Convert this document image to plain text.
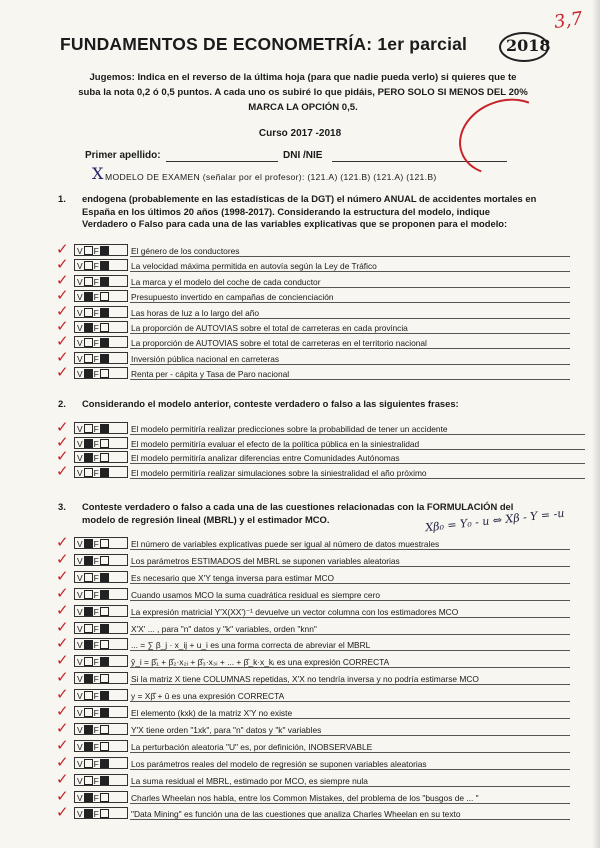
FUNDAMENTOS DE ECONOMETRÍA: 1er parcial	2018
3,7
Jugemos: Indica en el reverso de la última hoja (para que nadie pueda verlo) si quieres que te suba la nota 0,2 ó 0,5 puntos. A cada uno os subiré lo que pidáis, PERO SOLO SI MENOS DEL 20% MARCA LA OPCIÓN 0,5.
Curso 2017 -2018
Primer apellido:	DNI /NIE
X MODELO DE EXAMEN (señalar por el profesor): (121.A) (121.B) (121.A) (121.B)
1. endogena (probablemente en las estadísticas de la DGT) el número ANUAL de accidentes mortales en España en los últimos 20 años (1998-2017). Considerando la estructura del modelo, indique Verdadero o Falso para cada una de las variables explicativas que se proponen para el modelo:
✓ V F	El género de los conductores
✓ V F	La velocidad máxima permitida en autovía según la Ley de Tráfico
✓ V F	La marca y el modelo del coche de cada conductor
✓ V F	Presupuesto invertido en campañas de concienciación
✓ V F	Las horas de luz a lo largo del año
✓ V F	La proporción de AUTOVIAS sobre el total de carreteras en cada provincia
✓ V F	La proporción de AUTOVIAS sobre el total de carreteras en el territorio nacional
✓ V F	Inversión pública nacional en carreteras
✓ V F	Renta per - cápita y Tasa de Paro nacional
2. Considerando el modelo anterior, conteste verdadero o falso a las siguientes frases:
✓ V F	El modelo permitiría realizar predicciones sobre la probabilidad de tener un accidente
✓ V F	El modelo permitiría evaluar el efecto de la política pública en la siniestralidad
✓ V F	El modelo permitiría analizar diferencias entre Comunidades Autónomas
✓ V F	El modelo permitiría realizar simulaciones sobre la siniestralidad el año próximo
3. Conteste verdadero o falso a cada una de las cuestiones relacionadas con la FORMULACIÓN del modelo de regresión lineal (MBRL) y el estimador MCO.	Xβ₀ = Y₀ - u ⇔ Xβ - Y = -u
✓ V F	El número de variables explicativas puede ser igual al número de datos muestrales
✓ V F	Los parámetros ESTIMADOS del MBRL se suponen variables aleatorias
✓ V F	Es necesario que X'Y tenga inversa para estimar MCO
✓ V F	Cuando usamos MCO la suma cuadrática residual es siempre cero
✓ V F	La expresión matricial Y'X(XX')⁻¹ devuelve un vector columna con los estimadores MCO
✓ V F	X'X' ... , para "n" datos y "k" variables, orden "knn"
✓ V F	... = ∑ β_j · x_ij + u_i es una forma correcta de abreviar el MBRL
✓ V F	ŷ_i = β̂₁ + β̂₂·x₂ᵢ + β̂₃·x₃ᵢ + ... + β̂_k·x_kᵢ es una expresión CORRECTA
✓ V F	Si la matriz X tiene COLUMNAS repetidas, X'X no tendría inversa y no podría estimarse MCO
✓ V F	y = Xβ̂ + û es una expresión CORRECTA
✓ V F	El elemento (kxk) de la matriz X'Y no existe
✓ V F	Y'X tiene orden "1xk", para "n" datos y "k" variables
✓ V F	La perturbación aleatoria "U" es, por definición, INOBSERVABLE
✓ V F	Los parámetros reales del modelo de regresión se suponen variables aleatorias
✓ V F	La suma residual el MBRL, estimado por MCO, es siempre nula
✓ V F	Charles Wheelan nos habla, entre los Common Mistakes, del problema de los "busgos de ... "
✓ V F	"Data Mining" es función una de las cuestiones que analiza Charles Wheelan en su texto
